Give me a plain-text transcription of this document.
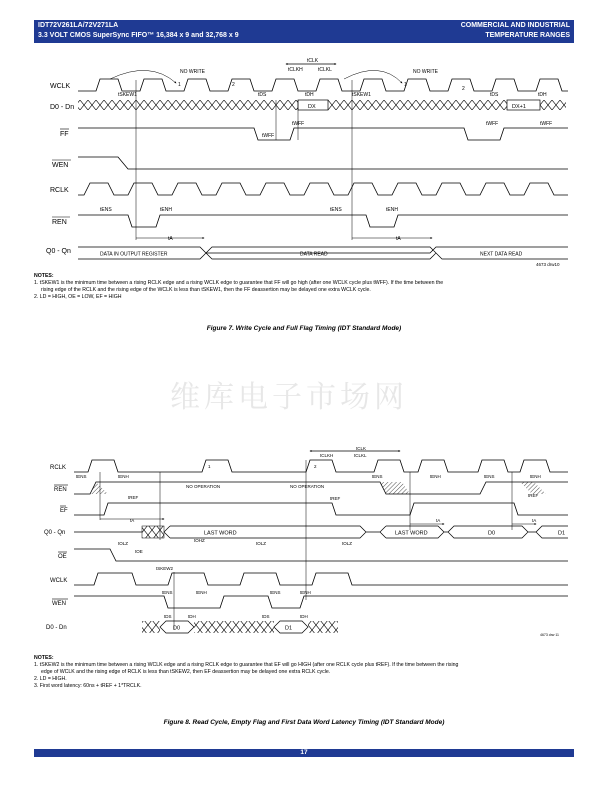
IDT72V261LA/72V271LA
3.3 VOLT CMOS SuperSync FIFO™ 16,384 x 9 and 32,768 x 9
COMMERCIAL AND INDUSTRIAL
TEMPERATURE RANGES
WCLK
D0 - Dn
FF
WEN
RCLK
REN
Q0 - Qn
DX	DX+1
DATA IN OUTPUT REGISTER	DATA READ	NEXT DATA READ
4673 drw10
NO WRITE	NO WRITE
tCLK
tCLKH	tCLKL
tSKEW1	tSKEW1
tDS	tDH	tDS	tDH
tWFF
tWFF	tWFF	tWFF
tENS	tENH	tENS	tENH
tA	tA
1	2	1
2
RCLK
REN
EF
Q0 - Qn
OE
WCLK
WEN
D0 - Dn
LAST WORD	LAST WORD	D0	D1
D0	D1
tCLK
tCLKH	tCLKL
tENS	tENH	tENS	tENH	tENS	tENH
NO OPERATION	NO OPERATION
tREF	tREF
tREF
tA	tA	tA
tOLZ	tOLZ	tOLZ
tOE
tSKEW2
tENS	tENH	tENS	tENH
tDS	tDH	tDS	tDH
tOHZ
1	2
4673 drw 11
NOTES:
1. tSKEW1 is the minimum time between a rising RCLK edge and a rising WCLK edge to guarantee that FF will go high (after one WCLK cycle plus tWFF). If the time between the
rising edge of the RCLK and the rising edge of the WCLK is less than tSKEW1, then the FF deassertion may be delayed one extra WCLK cycle.
2. LD = HIGH, OE = LOW, EF = HIGH
Figure 7. Write Cycle and Full Flag Timing (IDT Standard Mode)
维库电子市场网
NOTES:
1. tSKEW2 is the minimum time between a rising WCLK edge and a rising RCLK edge to guarantee that EF will go HIGH (after one RCLK cycle plus tREF). If the time between the rising
edge of WCLK and the rising edge of RCLK is less than tSKEW2, then EF deassertion may be delayed one extra RCLK cycle.
2. LD = HIGH.
3. First word latency: 60ns + tREF + 1*TRCLK.
Figure 8. Read Cycle, Empty Flag and First Data Word Latency Timing (IDT Standard Mode)
17
